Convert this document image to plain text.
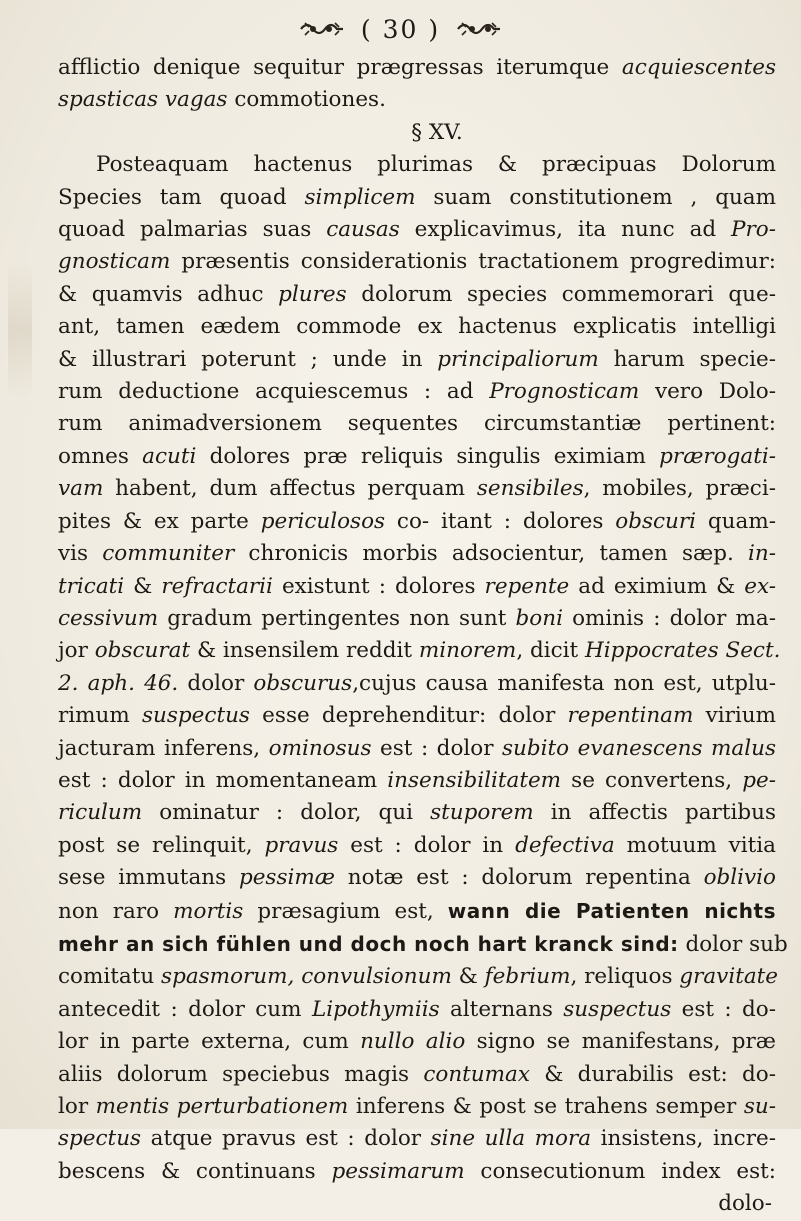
( 30 )
afflictio denique sequitur prægressas iterumque acquiescentes
spasticas vagas commotiones.
§ XV.
Posteaquam hactenus plurimas & præcipuas Dolorum
Species tam quoad simplicem suam constitutionem , quam
quoad palmarias suas causas explicavimus, ita nunc ad Pro-
gnosticam præsentis considerationis tractationem progredimur:
& quamvis adhuc plures dolorum species commemorari que-
ant, tamen eædem commode ex hactenus explicatis intelligi
& illustrari poterunt ; unde in principaliorum harum specie-
rum deductione acquiescemus : ad Prognosticam vero Dolo-
rum animadversionem sequentes circumstantiæ pertinent:
omnes acuti dolores præ reliquis singulis eximiam prærogati-
vam habent, dum affectus perquam sensibiles, mobiles, præci-
pites & ex parte periculosos co- itant : dolores obscuri quam-
vis communiter chronicis morbis adsocientur, tamen sæp. in-
tricati & refractarii existunt : dolores repente ad eximium & ex-
cessivum gradum pertingentes non sunt boni ominis : dolor ma-
jor obscurat & insensilem reddit minorem, dicit Hippocrates Sect.
2. aph. 46. dolor obscurus,cujus causa manifesta non est, utplu-
rimum suspectus esse deprehenditur: dolor repentinam virium
jacturam inferens, ominosus est : dolor subito evanescens malus
est : dolor in momentaneam insensibilitatem se convertens, pe-
riculum ominatur : dolor, qui stuporem in affectis partibus
post se relinquit, pravus est : dolor in defectiva motuum vitia
sese immutans pessimæ notæ est : dolorum repentina oblivio
non raro mortis præsagium est, wann die Patienten nichts
mehr an sich fühlen und doch noch hart kranck sind: dolor sub
comitatu spasmorum, convulsionum & febrium, reliquos gravitate
antecedit : dolor cum Lipothymiis alternans suspectus est : do-
lor in parte externa, cum nullo alio signo se manifestans, præ
aliis dolorum speciebus magis contumax & durabilis est: do-
lor mentis perturbationem inferens & post se trahens semper su-
spectus atque pravus est : dolor sine ulla mora insistens, incre-
bescens & continuans pessimarum consecutionum index est:
dolo-
